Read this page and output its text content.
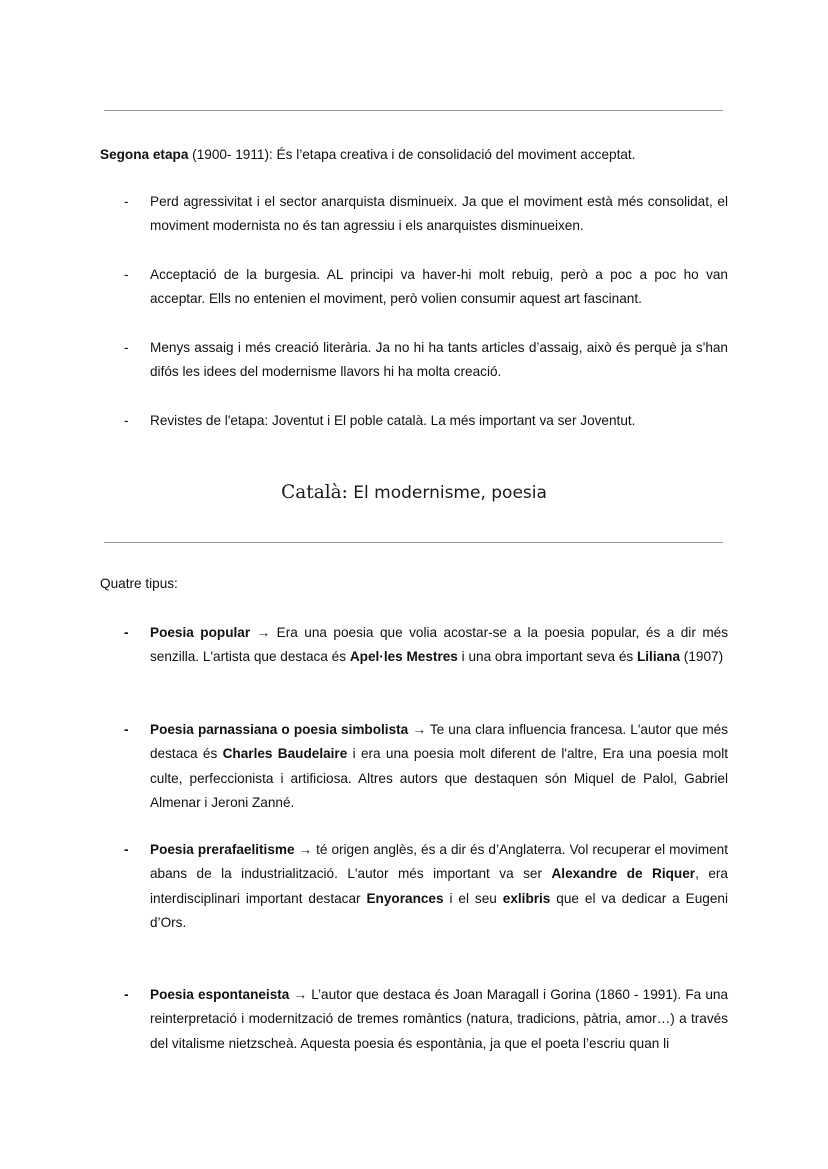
Segona etapa (1900- 1911): És l’etapa creativa i de consolidació del moviment acceptat.

- Perd agressivitat i el sector anarquista disminueix. Ja que el moviment està més consolidat, el moviment modernista no és tan agressiu i els anarquistes disminueixen.
- Acceptació de la burgesia. AL principi va haver-hi molt rebuig, però a poc a poc ho van acceptar. Ells no entenien el moviment, però volien consumir aquest art fascinant.
- Menys assaig i més creació literària. Ja no hi ha tants articles d’assaig, això és perquè ja s'han difós les idees del modernisme llavors hi ha molta creació.
- Revistes de l'etapa: Joventut i El poble català. La més important va ser Joventut.
Català: El modernisme, poesia

Quatre tipus:

- Poesia popular → Era una poesia que volia acostar-se a la poesia popular, és a dir més senzilla. L'artista que destaca és Apel·les Mestres i una obra important seva és Liliana (1907)
- Poesia parnassiana o poesia simbolista → Te una clara influencia francesa. L'autor que més destaca és Charles Baudelaire i era una poesia molt diferent de l'altre, Era una poesia molt culte, perfeccionista i artificiosa. Altres autors que destaquen són Miquel de Palol, Gabriel Almenar i Jeroni Zanné.
- Poesia prerafaelitisme → té origen anglès, és a dir és d’Anglaterra. Vol recuperar el moviment abans de la industrialització. L'autor més important va ser Alexandre de Riquer, era interdisciplinari important destacar Enyorances i el seu exlibris que el va dedicar a Eugeni d’Ors.
- Poesia espontaneista → L’autor que destaca és Joan Maragall i Gorina (1860 - 1991). Fa una reinterpretació i modernització de tremes romàntics (natura, tradicions, pàtria, amor…) a través del vitalisme nietzscheà. Aquesta poesia és espontània, ja que el poeta l’escriu quan li
